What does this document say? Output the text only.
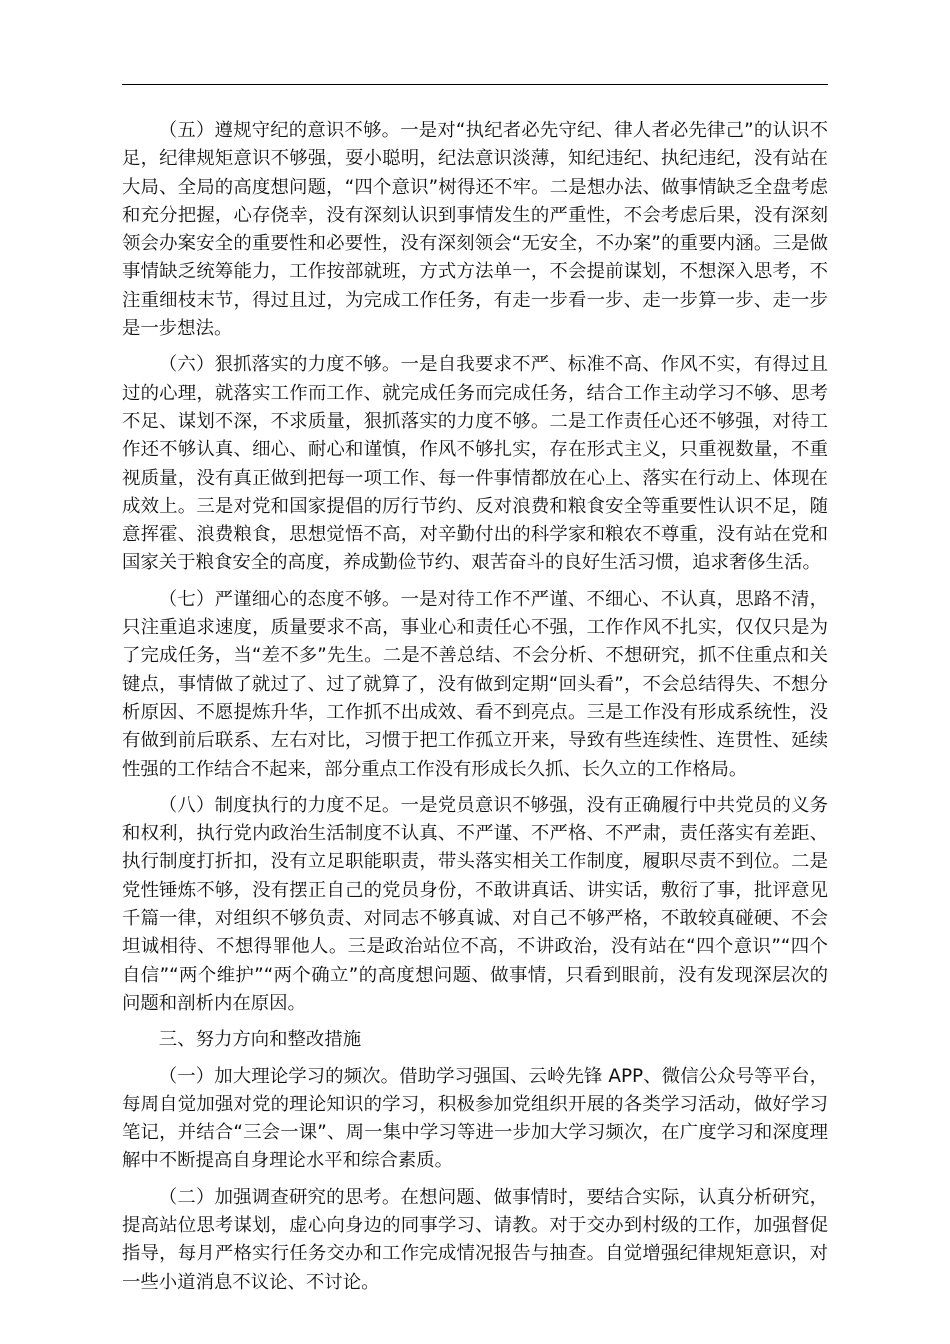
（五）遵规守纪的意识不够。一是对“执纪者必先守纪、律人者必先律己”的认识不足，纪律规矩意识不够强，耍小聪明，纪法意识淡薄，知纪违纪、执纪违纪，没有站在大局、全局的高度想问题，“四个意识”树得还不牢。二是想办法、做事情缺乏全盘考虑和充分把握，心存侥幸，没有深刻认识到事情发生的严重性，不会考虑后果，没有深刻领会办案安全的重要性和必要性，没有深刻领会“无安全，不办案”的重要内涵。三是做事情缺乏统筹能力，工作按部就班，方式方法单一，不会提前谋划，不想深入思考，不注重细枝末节，得过且过，为完成工作任务，有走一步看一步、走一步算一步、走一步是一步想法。

（六）狠抓落实的力度不够。一是自我要求不严、标准不高、作风不实，有得过且过的心理，就落实工作而工作、就完成任务而完成任务，结合工作主动学习不够、思考不足、谋划不深，不求质量，狠抓落实的力度不够。二是工作责任心还不够强，对待工作还不够认真、细心、耐心和谨慎，作风不够扎实，存在形式主义，只重视数量，不重视质量，没有真正做到把每一项工作、每一件事情都放在心上、落实在行动上、体现在成效上。三是对党和国家提倡的厉行节约、反对浪费和粮食安全等重要性认识不足，随意挥霍、浪费粮食，思想觉悟不高，对辛勤付出的科学家和粮农不尊重，没有站在党和国家关于粮食安全的高度，养成勤俭节约、艰苦奋斗的良好生活习惯，追求奢侈生活。

（七）严谨细心的态度不够。一是对待工作不严谨、不细心、不认真，思路不清，只注重追求速度，质量要求不高，事业心和责任心不强，工作作风不扎实，仅仅只是为了完成任务，当“差不多”先生。二是不善总结、不会分析、不想研究，抓不住重点和关键点，事情做了就过了、过了就算了，没有做到定期“回头看”，不会总结得失、不想分析原因、不愿提炼升华，工作抓不出成效、看不到亮点。三是工作没有形成系统性，没有做到前后联系、左右对比，习惯于把工作孤立开来，导致有些连续性、连贯性、延续性强的工作结合不起来，部分重点工作没有形成长久抓、长久立的工作格局。

（八）制度执行的力度不足。一是党员意识不够强，没有正确履行中共党员的义务和权利，执行党内政治生活制度不认真、不严谨、不严格、不严肃，责任落实有差距、执行制度打折扣，没有立足职能职责，带头落实相关工作制度，履职尽责不到位。二是党性锤炼不够，没有摆正自己的党员身份，不敢讲真话、讲实话，敷衍了事，批评意见千篇一律，对组织不够负责、对同志不够真诚、对自己不够严格，不敢较真碰硬、不会坦诚相待、不想得罪他人。三是政治站位不高，不讲政治，没有站在“四个意识”“四个自信”“两个维护”“两个确立”的高度想问题、做事情，只看到眼前，没有发现深层次的问题和剖析内在原因。

三、努力方向和整改措施

（一）加大理论学习的频次。借助学习强国、云岭先锋 APP、微信公众号等平台，每周自觉加强对党的理论知识的学习，积极参加党组织开展的各类学习活动，做好学习笔记，并结合“三会一课”、周一集中学习等进一步加大学习频次，在广度学习和深度理解中不断提高自身理论水平和综合素质。

（二）加强调查研究的思考。在想问题、做事情时，要结合实际，认真分析研究，提高站位思考谋划，虚心向身边的同事学习、请教。对于交办到村级的工作，加强督促指导，每月严格实行任务交办和工作完成情况报告与抽查。自觉增强纪律规矩意识，对一些小道消息不议论、不讨论。
